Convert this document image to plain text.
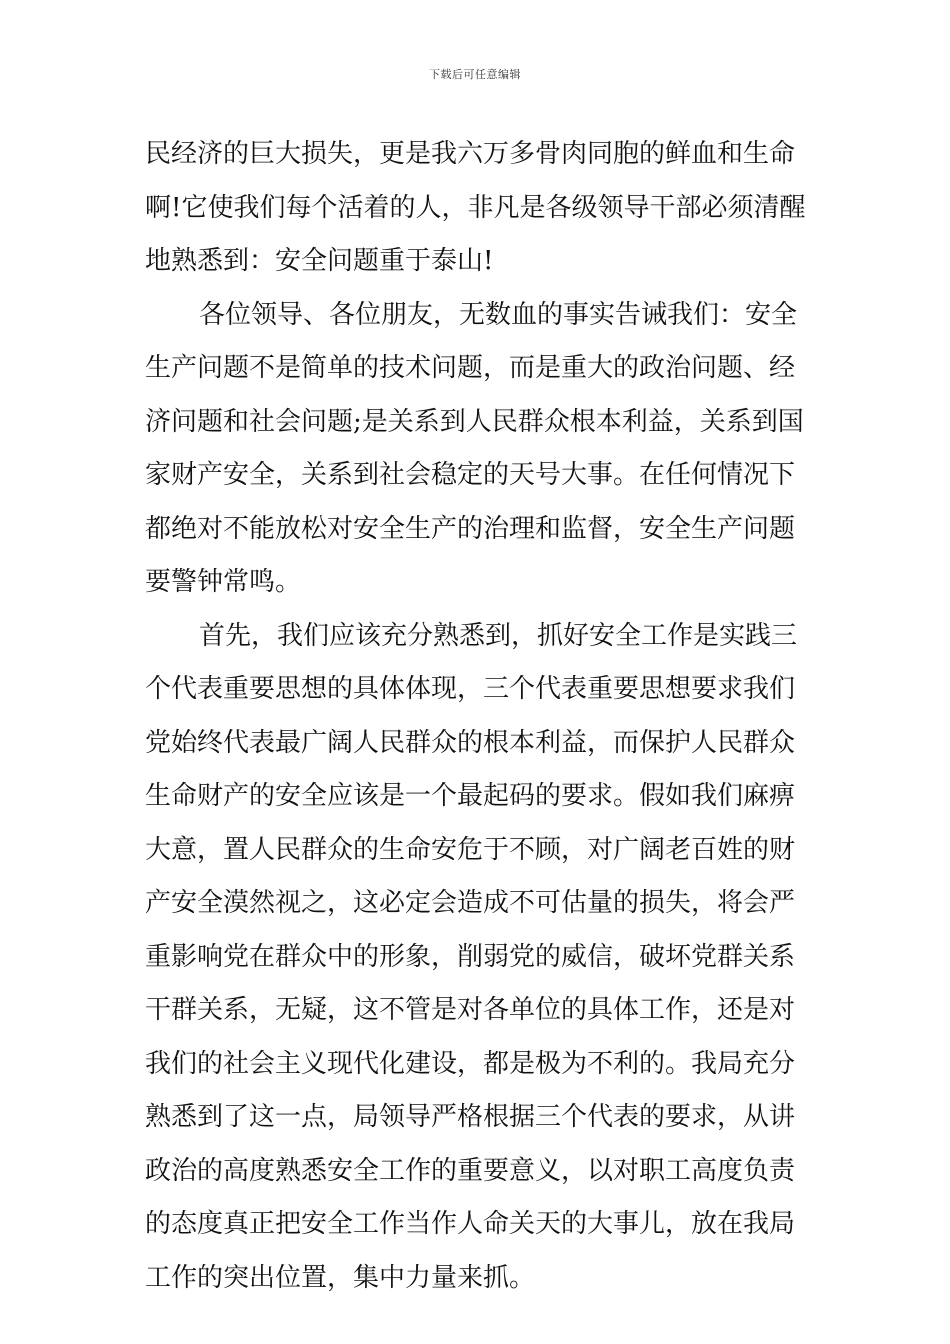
下载后可任意编辑
民经济的巨大损失，更是我六万多骨肉同胞的鲜血和生命
啊!它使我们每个活着的人，非凡是各级领导干部必须清醒
地熟悉到：安全问题重于泰山!
各位领导、各位朋友，无数血的事实告诫我们：安全
生产问题不是简单的技术问题，而是重大的政治问题、经
济问题和社会问题;是关系到人民群众根本利益，关系到国
家财产安全，关系到社会稳定的天号大事。在任何情况下
都绝对不能放松对安全生产的治理和监督，安全生产问题
要警钟常鸣。
首先，我们应该充分熟悉到，抓好安全工作是实践三
个代表重要思想的具体体现，三个代表重要思想要求我们
党始终代表最广阔人民群众的根本利益，而保护人民群众
生命财产的安全应该是一个最起码的要求。假如我们麻痹
大意，置人民群众的生命安危于不顾，对广阔老百姓的财
产安全漠然视之，这必定会造成不可估量的损失，将会严
重影响党在群众中的形象，削弱党的威信，破坏党群关系
干群关系，无疑，这不管是对各单位的具体工作，还是对
我们的社会主义现代化建设，都是极为不利的。我局充分
熟悉到了这一点，局领导严格根据三个代表的要求，从讲
政治的高度熟悉安全工作的重要意义，以对职工高度负责
的态度真正把安全工作当作人命关天的大事儿，放在我局
工作的突出位置，集中力量来抓。
